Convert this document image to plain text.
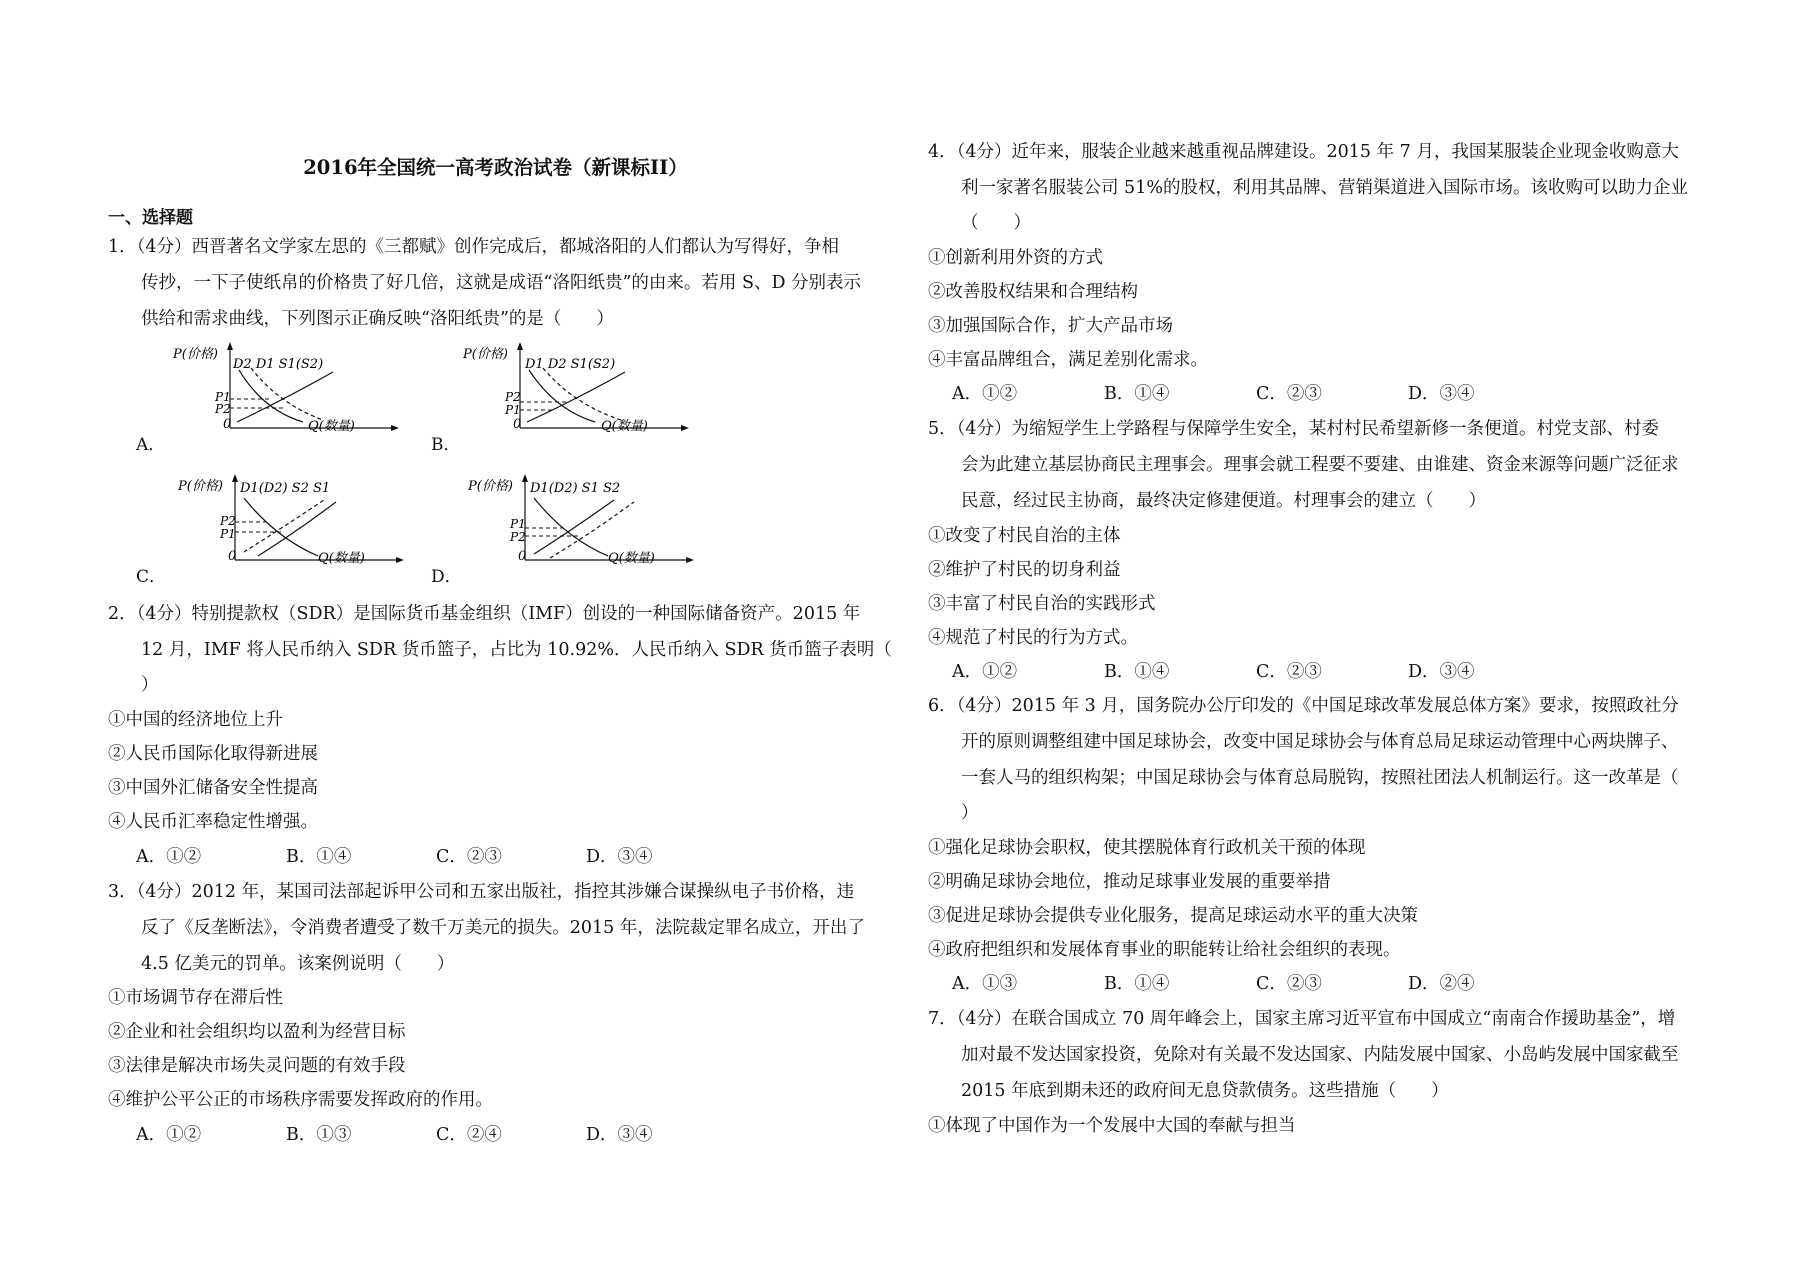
2016年全国统一高考政治试卷（新课标II）
一、选择题
1．（4分）西晋著名文学家左思的《三都赋》创作完成后，都城洛阳的人们都认为写得好，争相
传抄，一下子使纸帛的价格贵了好几倍，这就是成语“洛阳纸贵”的由来。若用 S、D 分别表示
供给和需求曲线，下列图示正确反映“洛阳纸贵”的是（　　）
P(价格)
0
D2 D1 S1(S2)
P1
P2
Q(数量)
A．
P(价格)
0
D1 D2 S1(S2)
P2
P1
Q(数量)
B．
P(价格)
0
D1(D2) S2 S1
P2
P1
Q(数量)
C．
P(价格)
0
D1(D2) S1 S2
P1
P2
Q(数量)
D．
2．（4分）特别提款权（SDR）是国际货币基金组织（IMF）创设的一种国际储备资产。2015 年
12 月，IMF 将人民币纳入 SDR 货币篮子，占比为 10.92%．人民币纳入 SDR 货币篮子表明（
）
①中国的经济地位上升
②人民币国际化取得新进展
③中国外汇储备安全性提高
④人民币汇率稳定性增强。
A．①②	B．①④	C．②③	D．③④
3．（4分）2012 年，某国司法部起诉甲公司和五家出版社，指控其涉嫌合谋操纵电子书价格，违
反了《反垄断法》，令消费者遭受了数千万美元的损失。2015 年，法院裁定罪名成立，开出了
4.5 亿美元的罚单。该案例说明（　　）
①市场调节存在滞后性
②企业和社会组织均以盈利为经营目标
③法律是解决市场失灵问题的有效手段
④维护公平公正的市场秩序需要发挥政府的作用。
A．①②	B．①③	C．②④	D．③④
4．（4分）近年来，服装企业越来越重视品牌建设。2015 年 7 月，我国某服装企业现金收购意大
利一家著名服装公司 51%的股权，利用其品牌、营销渠道进入国际市场。该收购可以助力企业
（　　）
①创新利用外资的方式
②改善股权结果和合理结构
③加强国际合作，扩大产品市场
④丰富品牌组合，满足差别化需求。
A．①②	B．①④	C．②③	D．③④
5．（4分）为缩短学生上学路程与保障学生安全，某村村民希望新修一条便道。村党支部、村委
会为此建立基层协商民主理事会。理事会就工程要不要建、由谁建、资金来源等问题广泛征求
民意，经过民主协商，最终决定修建便道。村理事会的建立（　　）
①改变了村民自治的主体
②维护了村民的切身利益
③丰富了村民自治的实践形式
④规范了村民的行为方式。
A．①②	B．①④	C．②③	D．③④
6．（4分）2015 年 3 月，国务院办公厅印发的《中国足球改革发展总体方案》要求，按照政社分
开的原则调整组建中国足球协会，改变中国足球协会与体育总局足球运动管理中心两块牌子、
一套人马的组织构架；中国足球协会与体育总局脱钩，按照社团法人机制运行。这一改革是（
）
①强化足球协会职权，使其摆脱体育行政机关干预的体现
②明确足球协会地位，推动足球事业发展的重要举措
③促进足球协会提供专业化服务，提高足球运动水平的重大决策
④政府把组织和发展体育事业的职能转让给社会组织的表现。
A．①③	B．①④	C．②③	D．②④
7．（4分）在联合国成立 70 周年峰会上，国家主席习近平宣布中国成立“南南合作援助基金”，增
加对最不发达国家投资，免除对有关最不发达国家、内陆发展中国家、小岛屿发展中国家截至
2015 年底到期未还的政府间无息贷款债务。这些措施（　　）
①体现了中国作为一个发展中大国的奉献与担当
